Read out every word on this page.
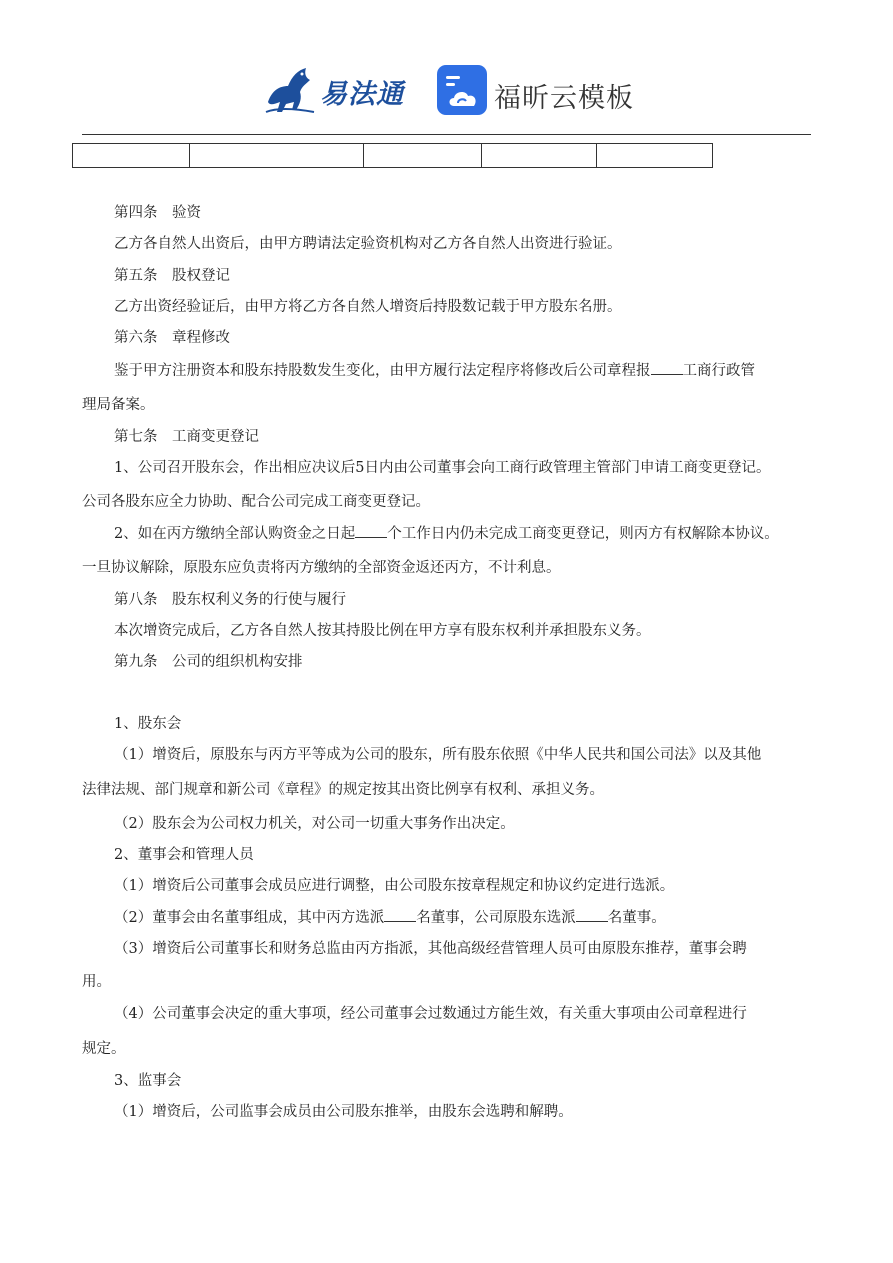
易法通	福昕云模板

第四条　验资
乙方各自然人出资后，由甲方聘请法定验资机构对乙方各自然人出资进行验证。
第五条　股权登记
乙方出资经验证后，由甲方将乙方各自然人增资后持股数记载于甲方股东名册。
第六条　章程修改
鉴于甲方注册资本和股东持股数发生变化，由甲方履行法定程序将修改后公司章程报 工商行政管
理局备案。
第七条　工商变更登记
1、公司召开股东会，作出相应决议后5日内由公司董事会向工商行政管理主管部门申请工商变更登记。
公司各股东应全力协助、配合公司完成工商变更登记。
2、如在丙方缴纳全部认购资金之日起 个工作日内仍未完成工商变更登记，则丙方有权解除本协议。
一旦协议解除，原股东应负责将丙方缴纳的全部资金返还丙方，不计利息。
第八条　股东权利义务的行使与履行
本次增资完成后，乙方各自然人按其持股比例在甲方享有股东权利并承担股东义务。
第九条　公司的组织机构安排
1、股东会
（1）增资后，原股东与丙方平等成为公司的股东，所有股东依照《中华人民共和国公司法》以及其他
法律法规、部门规章和新公司《章程》的规定按其出资比例享有权利、承担义务。
（2）股东会为公司权力机关，对公司一切重大事务作出决定。
2、董事会和管理人员
（1）增资后公司董事会成员应进行调整，由公司股东按章程规定和协议约定进行选派。
（2）董事会由名董事组成，其中丙方选派 名董事，公司原股东选派 名董事。
（3）增资后公司董事长和财务总监由丙方指派，其他高级经营管理人员可由原股东推荐，董事会聘
用。
（4）公司董事会决定的重大事项，经公司董事会过数通过方能生效，有关重大事项由公司章程进行
规定。
3、监事会
（1）增资后，公司监事会成员由公司股东推举，由股东会选聘和解聘。
